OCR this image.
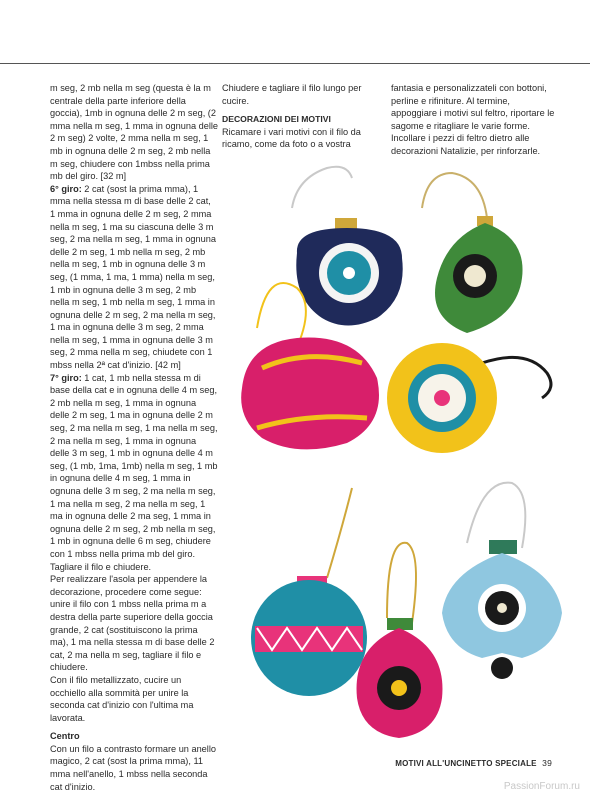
m seg, 2 mb nella m seg (questa è la m centrale della parte inferiore della goccia), 1mb in ognuna delle 2 m seg, (2 mma nella m seg, 1 mma in ognuna delle 2 m seg) 2 volte, 2 mma nella m seg, 1 mb in ognuna delle 2 m seg, 2 mb nella m seg, chiudere con 1mbss nella prima mb del giro. [32 m]

6° giro: 2 cat (sost la prima mma), 1 mma nella stessa m di base delle 2 cat, 1 mma in ognuna delle 2 m seg, 2 mma nella m seg, 1 ma su ciascuna delle 3 m seg, 2 ma nella m seg, 1 mma in ognuna delle 2 m seg, 1 mb nella m seg, 2 mb nella m seg, 1 mb in ognuna delle 3 m seg, (1 mma, 1 ma, 1 mma) nella m seg, 1 mb in ognuna delle 3 m seg, 2 mb nella m seg, 1 mb nella m seg, 1 mma in ognuna delle 2 m seg, 2 ma nella m seg, 1 ma in ognuna delle 3 m seg, 2 mma nella m seg, 1 mma in ognuna delle 3 m seg, 2 mma nella m seg, chiudete con 1 mbss nella 2ª cat d'inizio. [42 m]

7° giro: 1 cat, 1 mb nella stessa m di base della cat e in ognuna delle 4 m seg, 2 mb nella m seg, 1 mma in ognuna delle 2 m seg, 1 ma in ognuna delle 2 m seg, 2 ma nella m seg, 1 ma nella m seg, 2 ma nella m seg, 1 mma in ognuna delle 3 m seg, 1 mb in ognuna delle 4 m seg, (1 mb, 1ma, 1mb) nella m seg, 1 mb in ognuna delle 4 m seg, 1 mma in ognuna delle 3 m seg, 2 ma nella m seg, 1 ma nella m seg, 2 ma nella m seg, 1 ma in ognuna delle 2 ma seg, 1 mma in ognuna delle 2 m seg, 2 mb nella m seg, 1 mb in ognuna delle 6 m seg, chiudere con 1 mbss nella prima mb del giro.

Tagliare il filo e chiudere.

Per realizzare l'asola per appendere la decorazione, procedere come segue: unire il filo con 1 mbss nella prima m a destra della parte superiore della goccia grande, 2 cat (sostituiscono la prima ma), 1 ma nella stessa m di base delle 2 cat, 2 ma nella m seg, tagliare il filo e chiudere.

Con il filo metallizzato, cucire un occhiello alla sommità per unire la seconda cat d'inizio con l'ultima ma lavorata.

Centro

Con un filo a contrasto formare un anello magico, 2 cat (sost la prima mma), 11 mma nell'anello, 1 mbss nella seconda cat d'inizio.

Chiudere e tagliare il filo lungo per cucire.

DECORAZIONI DEI MOTIVI

Ricamare i vari motivi con il filo da ricamo, come da foto o a vostra

fantasia e personalizzateli con bottoni, perline e rifiniture. Al termine, appoggiare i motivi sul feltro, riportare le sagome e ritagliare le varie forme. Incollare i pezzi di feltro dietro alle decorazioni Natalizie, per rinforzarle.

MOTIVI ALL'UNCINETTO SPECIALE 39
PassionForum.ru
